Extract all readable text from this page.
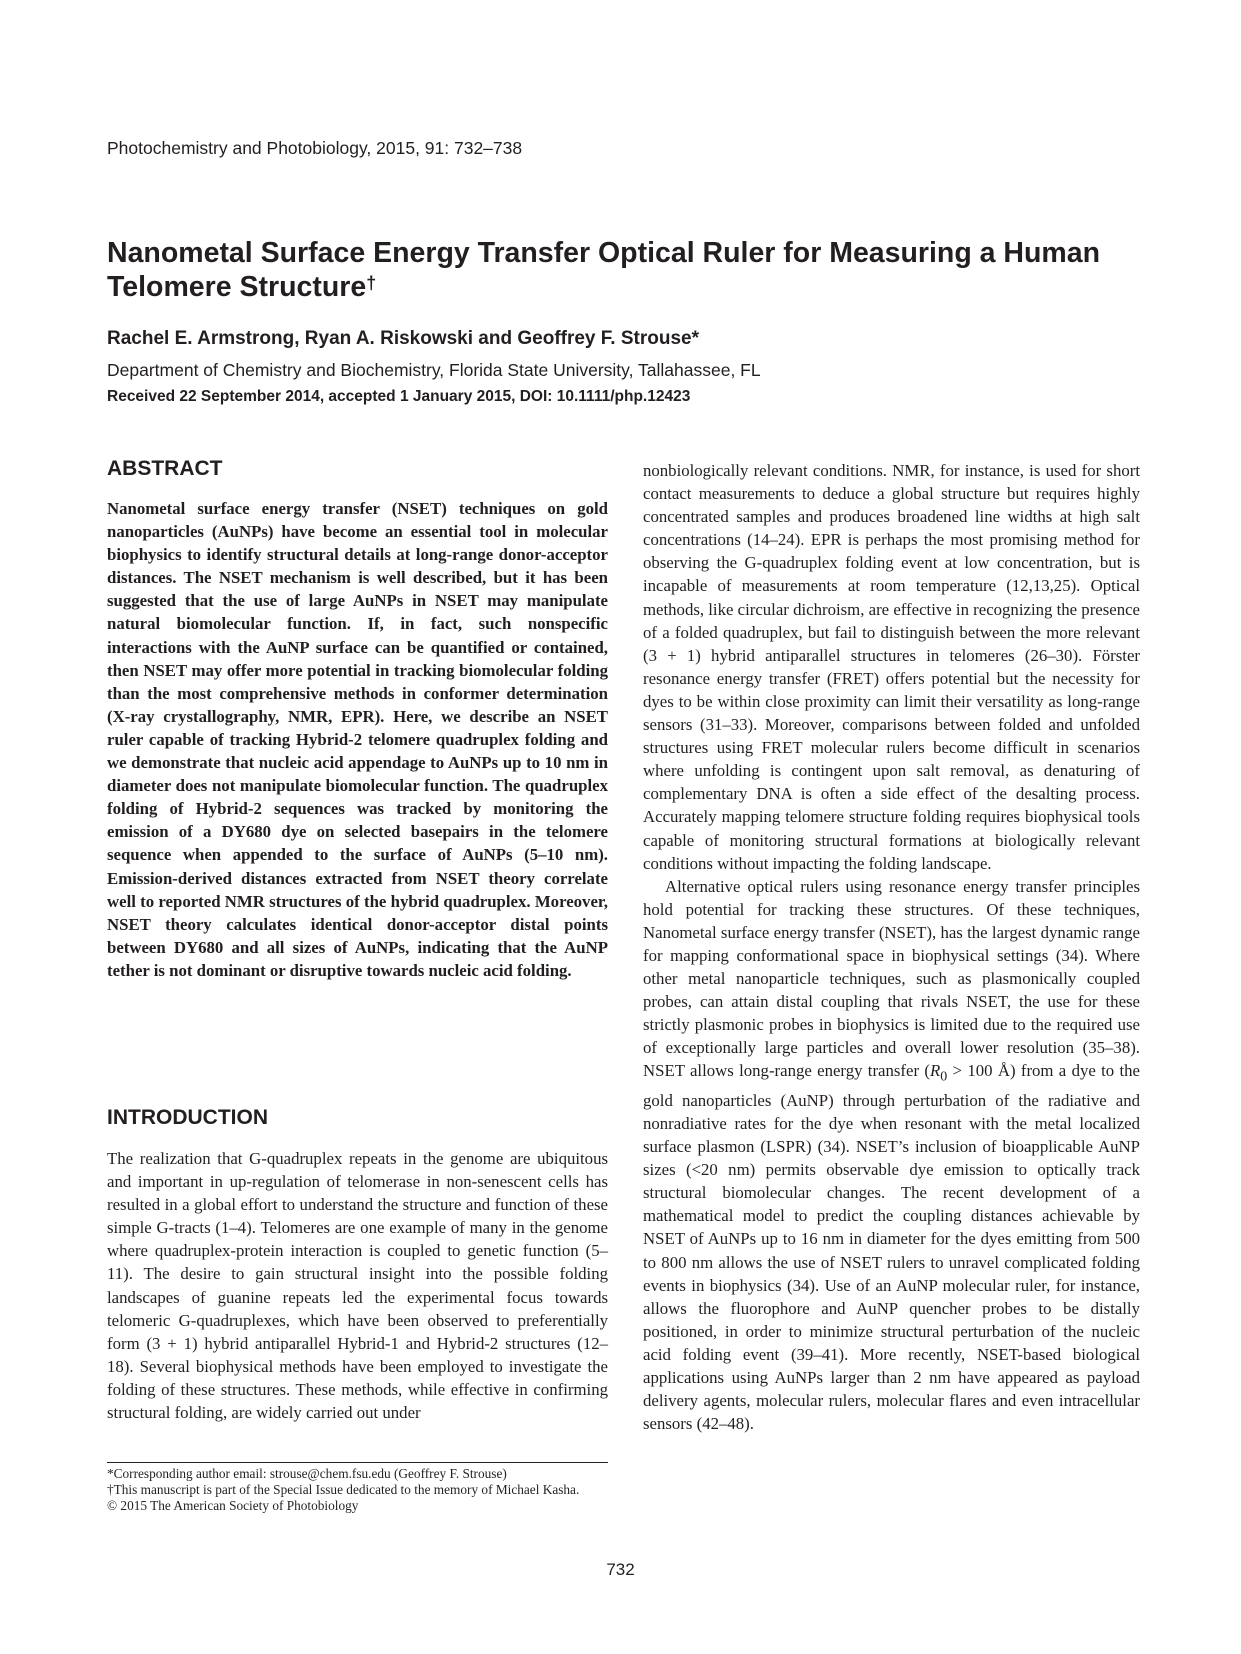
Photochemistry and Photobiology, 2015, 91: 732–738
Nanometal Surface Energy Transfer Optical Ruler for Measuring a Human Telomere Structure†
Rachel E. Armstrong, Ryan A. Riskowski and Geoffrey F. Strouse*
Department of Chemistry and Biochemistry, Florida State University, Tallahassee, FL
Received 22 September 2014, accepted 1 January 2015, DOI: 10.1111/php.12423
ABSTRACT

Nanometal surface energy transfer (NSET) techniques on gold nanoparticles (AuNPs) have become an essential tool in molecular biophysics to identify structural details at long-range donor-acceptor distances. The NSET mechanism is well described, but it has been suggested that the use of large AuNPs in NSET may manipulate natural biomolecular function. If, in fact, such nonspecific interactions with the AuNP surface can be quantified or contained, then NSET may offer more potential in tracking biomolecular folding than the most comprehensive methods in conformer determination (X-ray crystallography, NMR, EPR). Here, we describe an NSET ruler capable of tracking Hybrid-2 telomere quadruplex folding and we demonstrate that nucleic acid appendage to AuNPs up to 10 nm in diameter does not manipulate biomolecular function. The quadruplex folding of Hybrid-2 sequences was tracked by monitoring the emission of a DY680 dye on selected basepairs in the telomere sequence when appended to the surface of AuNPs (5–10 nm). Emission-derived distances extracted from NSET theory correlate well to reported NMR structures of the hybrid quadruplex. Moreover, NSET theory calculates identical donor-acceptor distal points between DY680 and all sizes of AuNPs, indicating that the AuNP tether is not dominant or disruptive towards nucleic acid folding.

INTRODUCTION

The realization that G-quadruplex repeats in the genome are ubiquitous and important in up-regulation of telomerase in non-senescent cells has resulted in a global effort to understand the structure and function of these simple G-tracts (1–4). Telomeres are one example of many in the genome where quadruplex-protein interaction is coupled to genetic function (5–11). The desire to gain structural insight into the possible folding landscapes of guanine repeats led the experimental focus towards telomeric G-quadruplexes, which have been observed to preferentially form (3 + 1) hybrid antiparallel Hybrid-1 and Hybrid-2 structures (12–18). Several biophysical methods have been employed to investigate the folding of these structures. These methods, while effective in confirming structural folding, are widely carried out under

nonbiologically relevant conditions. NMR, for instance, is used for short contact measurements to deduce a global structure but requires highly concentrated samples and produces broadened line widths at high salt concentrations (14–24). EPR is perhaps the most promising method for observing the G-quadruplex folding event at low concentration, but is incapable of measurements at room temperature (12,13,25). Optical methods, like circular dichroism, are effective in recognizing the presence of a folded quadruplex, but fail to distinguish between the more relevant (3 + 1) hybrid antiparallel structures in telomeres (26–30). Förster resonance energy transfer (FRET) offers potential but the necessity for dyes to be within close proximity can limit their versatility as long-range sensors (31–33). Moreover, comparisons between folded and unfolded structures using FRET molecular rulers become difficult in scenarios where unfolding is contingent upon salt removal, as denaturing of complementary DNA is often a side effect of the desalting process. Accurately mapping telomere structure folding requires biophysical tools capable of monitoring structural formations at biologically relevant conditions without impacting the folding landscape.

Alternative optical rulers using resonance energy transfer principles hold potential for tracking these structures. Of these techniques, Nanometal surface energy transfer (NSET), has the largest dynamic range for mapping conformational space in biophysical settings (34). Where other metal nanoparticle techniques, such as plasmonically coupled probes, can attain distal coupling that rivals NSET, the use for these strictly plasmonic probes in biophysics is limited due to the required use of exceptionally large particles and overall lower resolution (35–38). NSET allows long-range energy transfer ($R_0 > 100$ Å) from a dye to the gold nanoparticles (AuNP) through perturbation of the radiative and nonradiative rates for the dye when resonant with the metal localized surface plasmon (LSPR) (34). NSET’s inclusion of bioapplicable AuNP sizes (<20 nm) permits observable dye emission to optically track structural biomolecular changes. The recent development of a mathematical model to predict the coupling distances achievable by NSET of AuNPs up to 16 nm in diameter for the dyes emitting from 500 to 800 nm allows the use of NSET rulers to unravel complicated folding events in biophysics (34). Use of an AuNP molecular ruler, for instance, allows the fluorophore and AuNP quencher probes to be distally positioned, in order to minimize structural perturbation of the nucleic acid folding event (39–41). More recently, NSET-based biological applications using AuNPs larger than 2 nm have appeared as payload delivery agents, molecular rulers, molecular flares and even intracellular sensors (42–48).

*Corresponding author email: strouse@chem.fsu.edu (Geoffrey F. Strouse)
†This manuscript is part of the Special Issue dedicated to the memory of Michael Kasha.
© 2015 The American Society of Photobiology
732
